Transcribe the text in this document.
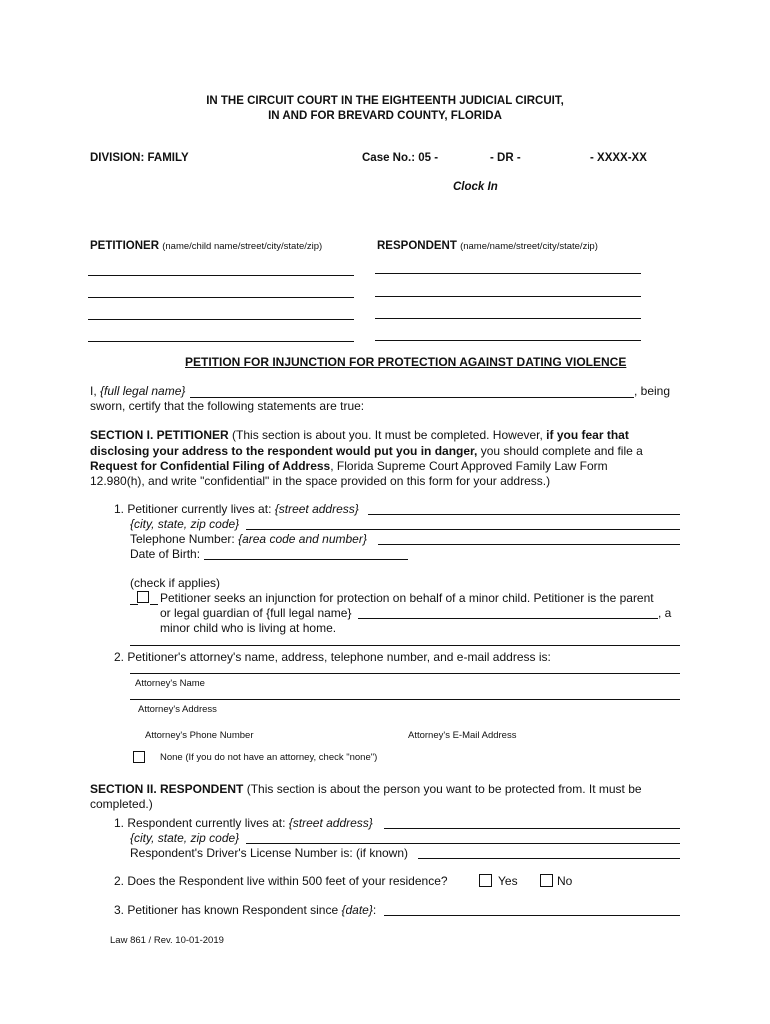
IN THE CIRCUIT COURT IN THE EIGHTEENTH JUDICIAL CIRCUIT,
IN AND FOR BREVARD COUNTY, FLORIDA
DIVISION: FAMILY	Case No.: 05 -	- DR -	- XXXX-XX
Clock In
PETITIONER (name/child name/street/city/state/zip)	RESPONDENT (name/name/street/city/state/zip)
PETITION FOR INJUNCTION FOR PROTECTION AGAINST DATING VIOLENCE
I, {full legal name}	, being
sworn, certify that the following statements are true:
SECTION I. PETITIONER (This section is about you. It must be completed. However, if you fear that
disclosing your address to the respondent would put you in danger, you should complete and file a
Request for Confidential Filing of Address, Florida Supreme Court Approved Family Law Form
12.980(h), and write "confidential" in the space provided on this form for your address.)
1. Petitioner currently lives at: {street address}
{city, state, zip code}
Telephone Number: {area code and number}
Date of Birth:
(check if applies)
Petitioner seeks an injunction for protection on behalf of a minor child. Petitioner is the parent
or legal guardian of {full legal name}	, a
minor child who is living at home.
2. Petitioner's attorney's name, address, telephone number, and e-mail address is:
Attorney's Name
Attorney's Address
Attorney's Phone Number	Attorney's E-Mail Address
None (If you do not have an attorney, check "none")
SECTION II. RESPONDENT (This section is about the person you want to be protected from. It must be
completed.)
1. Respondent currently lives at: {street address}
{city, state, zip code}
Respondent's Driver's License Number is: (if known)
2. Does the Respondent live within 500 feet of your residence?	Yes	No
3. Petitioner has known Respondent since {date}:
Law 861 / Rev. 10-01-2019
